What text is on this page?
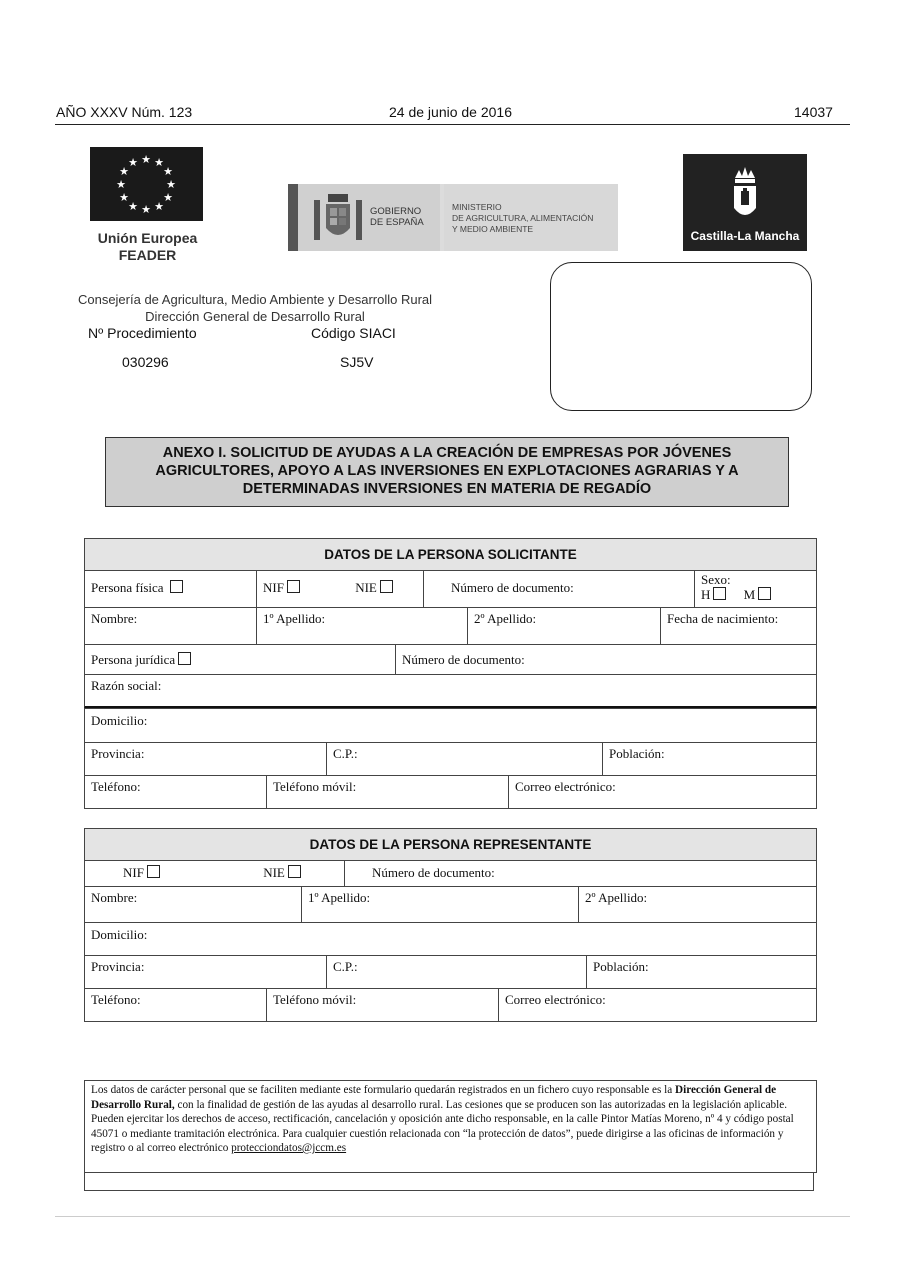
AÑO XXXV Núm. 123	24 de junio de 2016	14037
★ ★
★
★
★
★
★
★
★
★
★
★
Unión Europea
FEADER
GOBIERNO
DE ESPAÑA
MINISTERIO
DE AGRICULTURA, ALIMENTACIÓN
Y MEDIO AMBIENTE	Castilla-La Mancha
Consejería de Agricultura, Medio Ambiente y Desarrollo Rural
Dirección General de Desarrollo Rural
Nº Procedimiento
030296
Código SIACI
SJ5V
ANEXO I. SOLICITUD DE AYUDAS A LA CREACIÓN DE EMPRESAS POR JÓVENES AGRICULTORES, APOYO A LAS INVERSIONES EN EXPLOTACIONES AGRARIAS Y A DETERMINADAS INVERSIONES EN MATERIA DE REGADÍO
DATOS DE LA PERSONA SOLICITANTE
Persona física	NIF	NIE	Número de documento:
Sexo:
H	M
Nombre:	1º Apellido:	2º Apellido:	Fecha de nacimiento:
Persona jurídica	Número de documento:
Razón social:
Domicilio:
Provincia:	C.P.:	Población:
Teléfono:	Teléfono móvil:	Correo electrónico:
DATOS DE LA PERSONA REPRESENTANTE
NIF	NIE	Número de documento:
Nombre:	1º Apellido:	2º Apellido:
Domicilio:
Provincia:	C.P.:	Población:
Teléfono:	Teléfono móvil:	Correo electrónico:
Los datos de carácter personal que se faciliten mediante este formulario quedarán registrados en un fichero cuyo responsable es la Dirección General de Desarrollo Rural, con la finalidad de gestión de las ayudas al desarrollo rural. Las cesiones que se producen son las autorizadas en la legislación aplicable.
Pueden ejercitar los derechos de acceso, rectificación, cancelación y oposición ante dicho responsable, en la calle Pintor Matías Moreno, nº 4 y código postal 45071 o mediante tramitación electrónica. Para cualquier cuestión relacionada con “la protección de datos”, puede dirigirse a las oficinas de información y registro o al correo electrónico protecciondatos@jccm.es
